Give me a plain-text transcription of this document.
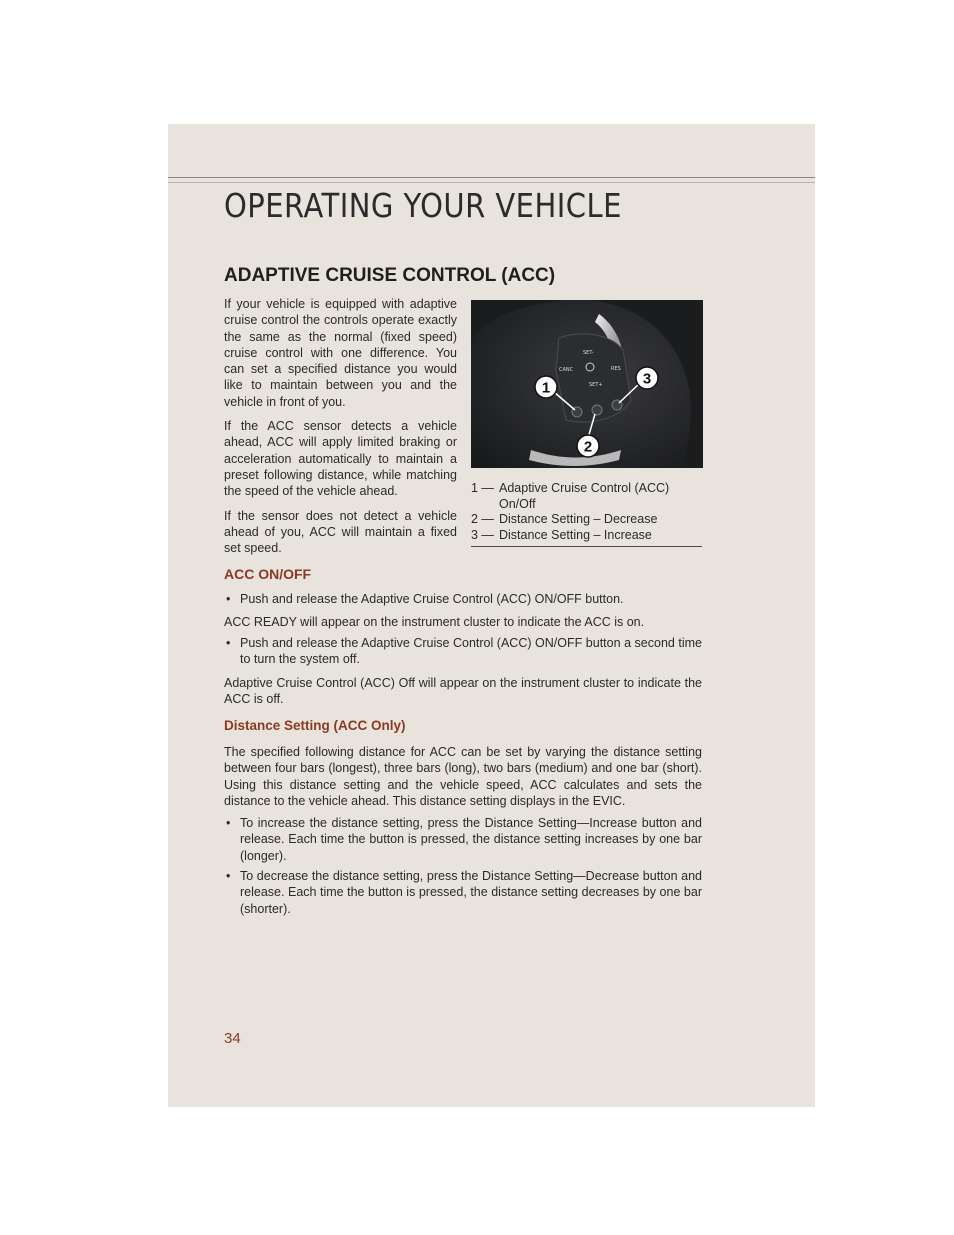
OPERATING YOUR VEHICLE
ADAPTIVE CRUISE CONTROL (ACC)

If your vehicle is equipped with adaptive cruise control the controls operate exactly the same as the normal (fixed speed) cruise control with one difference. You can set a specified distance you would like to maintain between you and the vehicle in front of you.

If the ACC sensor detects a vehicle ahead, ACC will apply limited braking or acceleration automatically to maintain a preset following distance, while matching the speed of the vehicle ahead.

If the sensor does not detect a vehicle ahead of you, ACC will maintain a fixed set speed.

SET-
CANC	RES
SET+
1
2
3
1 — Adaptive Cruise Control (ACC) On/Off
2 — Distance Setting – Decrease
3 — Distance Setting – Increase
ACC ON/OFF
• Push and release the Adaptive Cruise Control (ACC) ON/OFF button.
ACC READY will appear on the instrument cluster to indicate the ACC is on.
• Push and release the Adaptive Cruise Control (ACC) ON/OFF button a second time to turn the system off.
Adaptive Cruise Control (ACC) Off will appear on the instrument cluster to indicate the ACC is off.
Distance Setting (ACC Only)
The specified following distance for ACC can be set by varying the distance setting between four bars (longest), three bars (long), two bars (medium) and one bar (short). Using this distance setting and the vehicle speed, ACC calculates and sets the distance to the vehicle ahead. This distance setting displays in the EVIC.
• To increase the distance setting, press the Distance Setting—Increase button and release. Each time the button is pressed, the distance setting increases by one bar (longer).
• To decrease the distance setting, press the Distance Setting—Decrease button and release. Each time the button is pressed, the distance setting decreases by one bar (shorter).
34
